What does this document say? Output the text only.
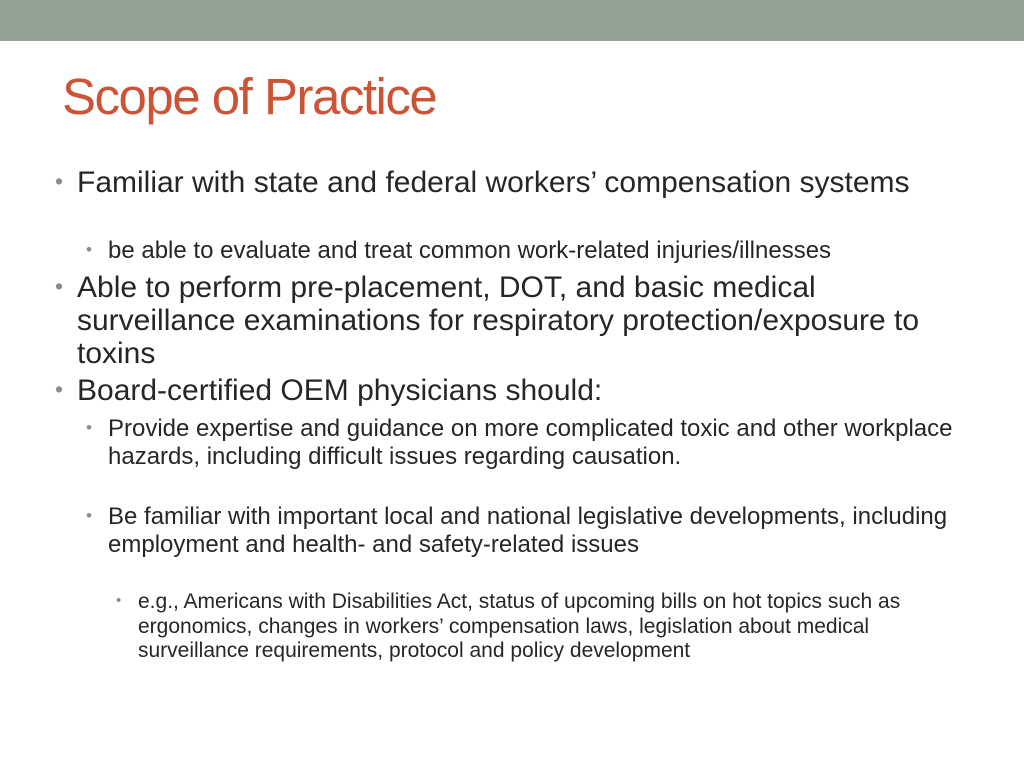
Scope of Practice
• Familiar with state and federal workers’ compensation systems
• be able to evaluate and treat common work-related injuries/illnesses
• Able to perform pre-placement, DOT, and basic medical surveillance examinations for respiratory protection/exposure to toxins
• Board-certified OEM physicians should:
• Provide expertise and guidance on more complicated toxic and other workplace hazards, including difficult issues regarding causation.
• Be familiar with important local and national legislative developments, including employment and health- and safety-related issues
• e.g., Americans with Disabilities Act, status of upcoming bills on hot topics such as ergonomics, changes in workers’ compensation laws, legislation about medical surveillance requirements, protocol and policy development
